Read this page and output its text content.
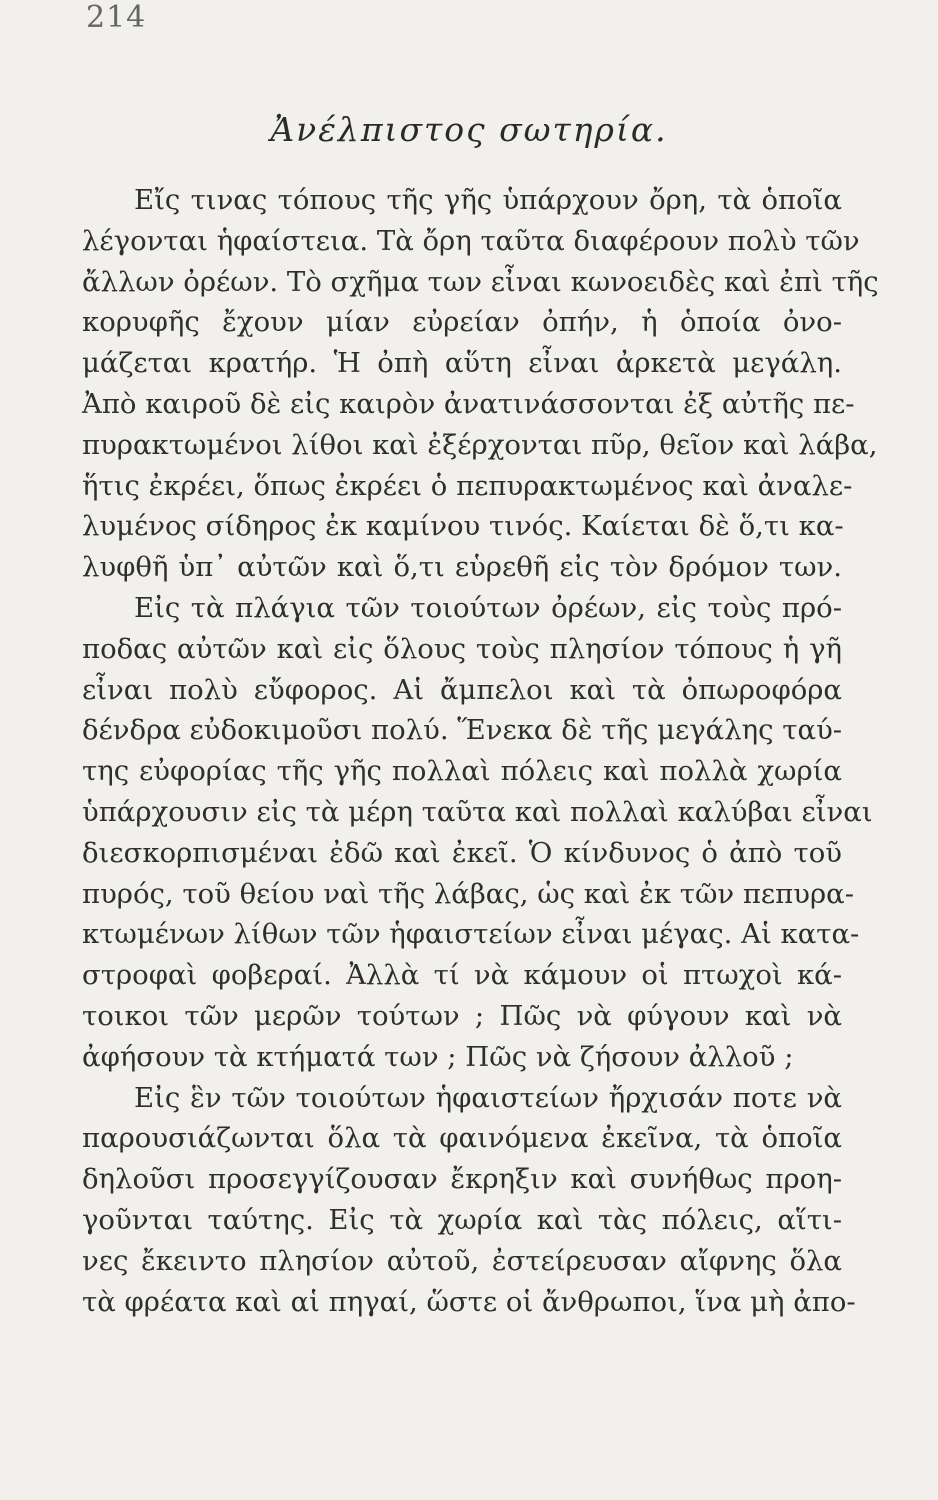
214
Ἀνέλπιστος σωτηρία.
Εἴς τινας τόπους τῆς γῆς ὑπάρχουν ὄρη, τὰ ὁποῖα
λέγονται ἡφαίστεια. Τὰ ὄρη ταῦτα διαφέρουν πολὺ τῶν
ἄλλων ὀρέων. Τὸ σχῆμα των εἶναι κωνοειδὲς καὶ ἐπὶ τῆς
κορυφῆς ἔχουν μίαν εὐρείαν ὀπήν, ἡ ὁποία ὀνο-
μάζεται κρατήρ. Ἡ ὀπὴ αὕτη εἶναι ἀρκετὰ μεγάλη.
Ἀπὸ καιροῦ δὲ εἰς καιρὸν ἀνατινάσσονται ἐξ αὐτῆς πε-
πυρακτωμένοι λίθοι καὶ ἐξέρχονται πῦρ, θεῖον καὶ λάβα,
ἥτις ἐκρέει, ὅπως ἐκρέει ὁ πεπυρακτωμένος καὶ ἀναλε-
λυμένος σίδηρος ἐκ καμίνου τινός. Καίεται δὲ ὅ,τι κα-
λυφθῆ ὑπ᾽ αὐτῶν καὶ ὅ,τι εὑρεθῆ εἰς τὸν δρόμον των.
Εἰς τὰ πλάγια τῶν τοιούτων ὀρέων, εἰς τοὺς πρό-
ποδας αὐτῶν καὶ εἰς ὅλους τοὺς πλησίον τόπους ἡ γῆ
εἶναι πολὺ εὔφορος. Αἱ ἄμπελοι καὶ τὰ ὀπωροφόρα
δένδρα εὐδοκιμοῦσι πολύ. Ἕνεκα δὲ τῆς μεγάλης ταύ-
της εὐφορίας τῆς γῆς πολλαὶ πόλεις καὶ πολλὰ χωρία
ὑπάρχουσιν εἰς τὰ μέρη ταῦτα καὶ πολλαὶ καλύβαι εἶναι
διεσκορπισμέναι ἐδῶ καὶ ἐκεῖ. Ὁ κίνδυνος ὁ ἀπὸ τοῦ
πυρός, τοῦ θείου ναὶ τῆς λάβας, ὡς καὶ ἐκ τῶν πεπυρα-
κτωμένων λίθων τῶν ἡφαιστείων εἶναι μέγας. Αἱ κατα-
στροφαὶ φοβεραί. Ἀλλὰ τί νὰ κάμουν οἱ πτωχοὶ κά-
τοικοι τῶν μερῶν τούτων ; Πῶς νὰ φύγουν καὶ νὰ
ἀφήσουν τὰ κτήματά των ; Πῶς νὰ ζήσουν ἀλλοῦ ;
Εἰς ἓν τῶν τοιούτων ἡφαιστείων ἤρχισάν ποτε νὰ
παρουσιάζωνται ὅλα τὰ φαινόμενα ἐκεῖνα, τὰ ὁποῖα
δηλοῦσι προσεγγίζουσαν ἔκρηξιν καὶ συνήθως προη-
γοῦνται ταύτης. Εἰς τὰ χωρία καὶ τὰς πόλεις, αἵτι-
νες ἔκειντο πλησίον αὐτοῦ, ἐστείρευσαν αἴφνης ὅλα
τὰ φρέατα καὶ αἱ πηγαί, ὥστε οἱ ἄνθρωποι, ἵνα μὴ ἀπο-
